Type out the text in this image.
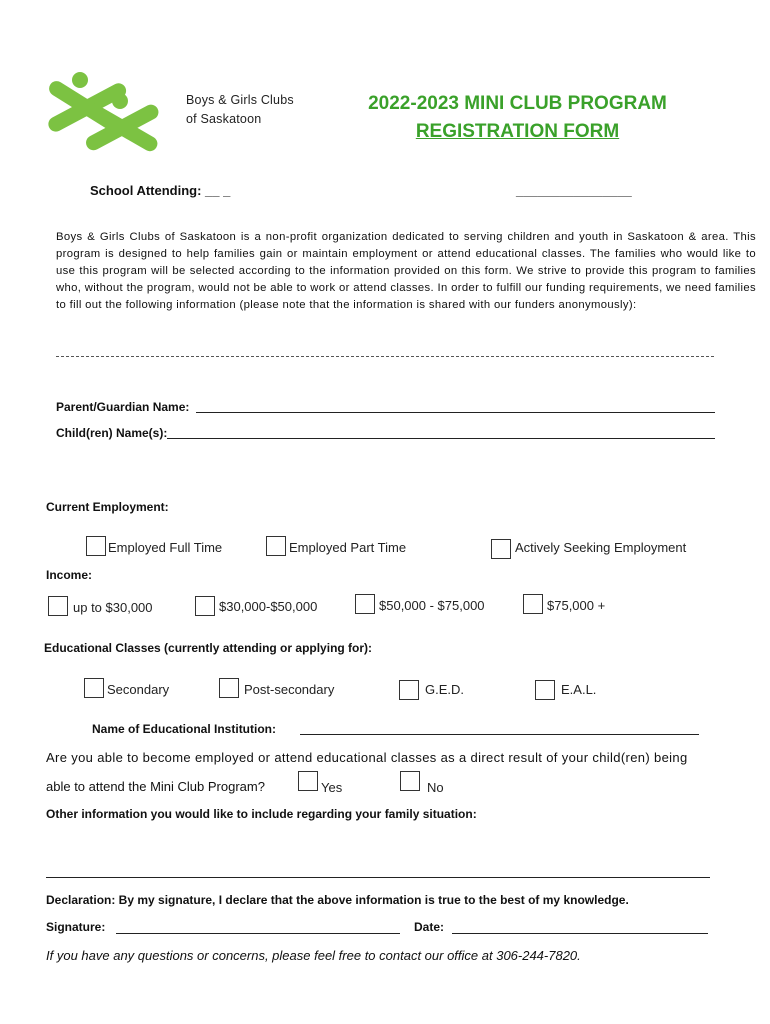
Boys & Girls Clubs
of Saskatoon
2022-2023 MINI CLUB PROGRAM
REGISTRATION FORM
School Attending: __ _	________________
Boys & Girls Clubs of Saskatoon is a non-profit organization dedicated to serving children and youth in Saskatoon & area. This program is designed to help families gain or maintain employment or attend educational classes. The families who would like to use this program will be selected according to the information provided on this form. We strive to provide this program to families who, without the program, would not be able to work or attend classes. In order to fulfill our funding requirements, we need families to fill out the following information (please note that the information is shared with our funders anonymously):
Parent/Guardian Name:
Child(ren) Name(s):
Current Employment:
Employed Full Time	Employed Part Time	Actively Seeking Employment
Income:
up to $30,000	$30,000-$50,000	$50,000 - $75,000	$75,000 +
Educational Classes (currently attending or applying for):
Secondary	Post-secondary	G.E.D.	E.A.L.
Name of Educational Institution:
Are you able to become employed or attend educational classes as a direct result of your child(ren) being
able to attend the Mini Club Program?	Yes	No
Other information you would like to include regarding your family situation:
Declaration: By my signature, I declare that the above information is true to the best of my knowledge.
Signature:	Date:
If you have any questions or concerns, please feel free to contact our office at 306-244-7820.
